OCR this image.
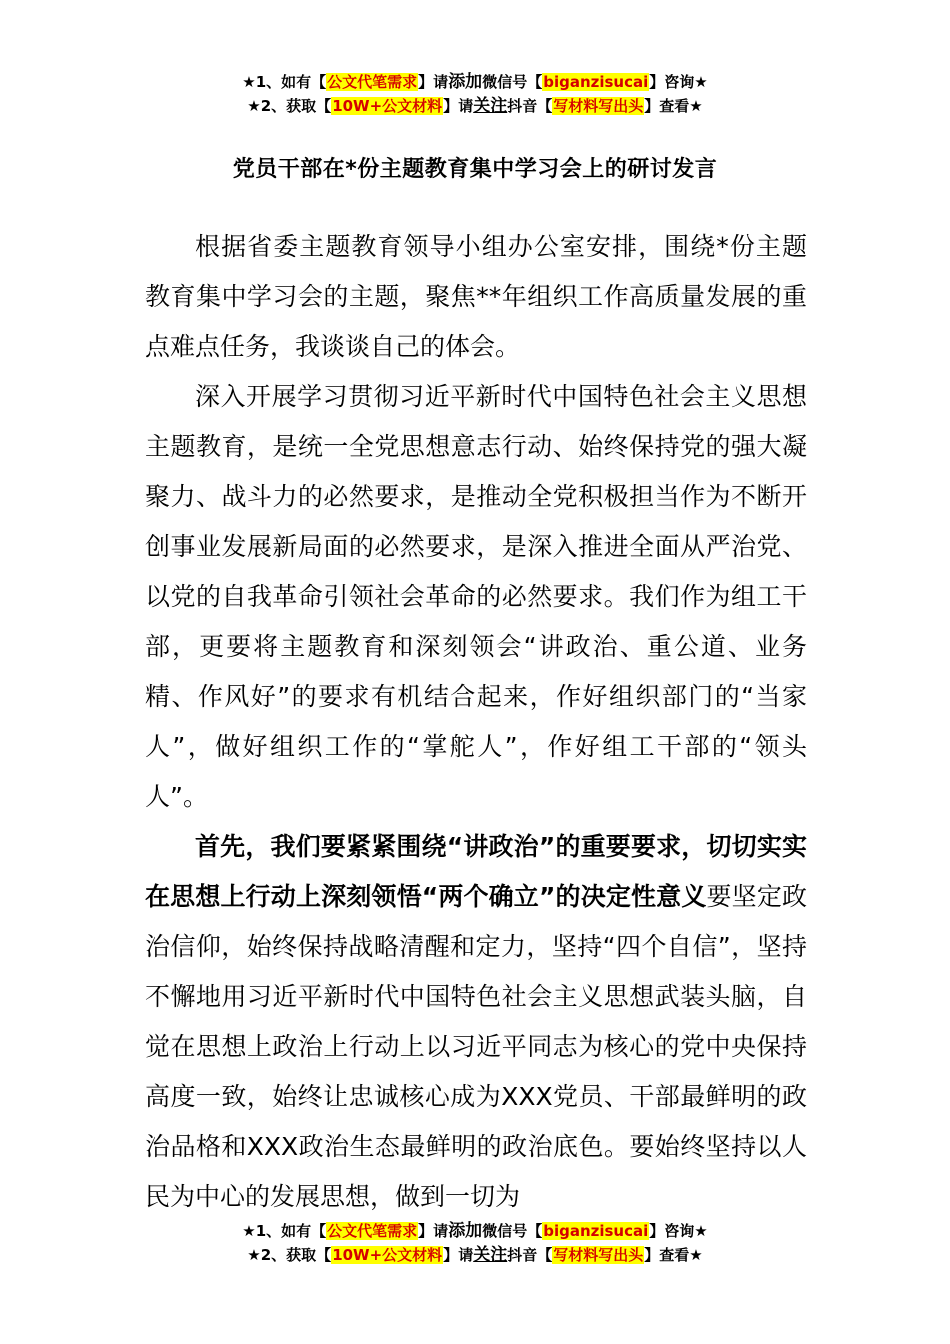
★1、如有【公文代笔需求】请添加微信号【biganzisucai】咨询★
★2、获取【10W+公文材料】请关注抖音【写材料写出头】查看★
党员干部在*份主题教育集中学习会上的研讨发言

根据省委主题教育领导小组办公室安排，围绕*份主题教育集中学习会的主题，聚焦**年组织工作高质量发展的重点难点任务，我谈谈自己的体会。

深入开展学习贯彻习近平新时代中国特色社会主义思想主题教育，是统一全党思想意志行动、始终保持党的强大凝聚力、战斗力的必然要求，是推动全党积极担当作为不断开创事业发展新局面的必然要求，是深入推进全面从严治党、以党的自我革命引领社会革命的必然要求。我们作为组工干部，更要将主题教育和深刻领会“讲政治、重公道、业务精、作风好”的要求有机结合起来，作好组织部门的“当家人”，做好组织工作的“掌舵人”，作好组工干部的“领头人”。

首先，我们要紧紧围绕“讲政治”的重要要求，切切实实在思想上行动上深刻领悟“两个确立”的决定性意义要坚定政治信仰，始终保持战略清醒和定力，坚持“四个自信”，坚持不懈地用习近平新时代中国特色社会主义思想武装头脑，自觉在思想上政治上行动上以习近平同志为核心的党中央保持高度一致，始终让忠诚核心成为XXX党员、干部最鲜明的政治品格和XXX政治生态最鲜明的政治底色。要始终坚持以人民为中心的发展思想，做到一切为

★1、如有【公文代笔需求】请添加微信号【biganzisucai】咨询★
★2、获取【10W+公文材料】请关注抖音【写材料写出头】查看★
